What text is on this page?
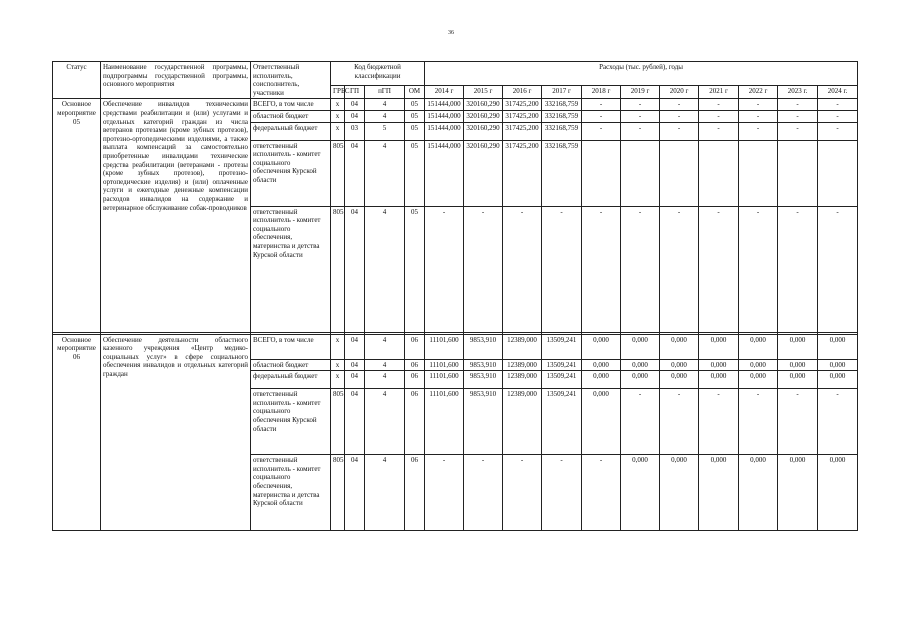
36
Статус	Наименование государственной программы, подпрограммы государственной программы, основного мероприятия	Ответственный исполнитель, соисполнитель, участники	Код бюджетной классификации				Расходы (тыс. рублей), годы										
			ГРБС	ГП	пГП	ОМ	2014 г	2015 г	2016 г	2017 г	2018 г	2019 г	2020 г	2021 г	2022 г	2023 г.	2024 г.
Основное мероприятие 05	Обеспечение инвалидов техническими средствами реабилитации и (или) услугами и отдельных категорий граждан из числа ветеранов протезами (кроме зубных протезов), протезно-ортопедическими изделиями, а также выплата компенсаций за самостоятельно приобретенные инвалидами технические средства реабилитации (ветеранами - протезы (кроме зубных протезов), протезно-ортопедические изделия) и (или) оплаченные услуги и ежегодные денежные компенсации расходов инвалидов на содержание и ветеринарное обслуживание собак-проводников	ВСЕГО, в том числе	x	04	4	05	151444,000	320160,290	317425,200	332168,759	-	-	-	-	-	-	-
		областной бюджет	x	04	4	05	151444,000	320160,290	317425,200	332168,759	-	-	-	-	-	-	-
		федеральный бюджет	x	03	5	05	151444,000	320160,290	317425,200	332168,759	-	-	-	-	-	-	-
		ответственный исполнитель - комитет социального обеспечения Курской области	805	04	4	05	151444,000	320160,290	317425,200	332168,759							
		ответственный исполнитель - комитет социального обеспечения, материнства и детства Курской области	805	04	4	05	-	-	-	-	-	-	-	-	-	-	-

Основное мероприятие 06	Обеспечение деятельности областного казенного учреждения «Центр медико-социальных услуг» в сфере социального обеспечения инвалидов и отдельных категорий граждан	ВСЕГО, в том числе	x	04	4	06	11101,600	9853,910	12389,000	13509,241	0,000	0,000	0,000	0,000	0,000	0,000	0,000
		областной бюджет	x	04	4	06	11101,600	9853,910	12389,000	13509,241	0,000	0,000	0,000	0,000	0,000	0,000	0,000
		федеральный бюджет	x	04	4	06	11101,600	9853,910	12389,000	13509,241	0,000	0,000	0,000	0,000	0,000	0,000	0,000
		ответственный исполнитель - комитет социального обеспечения Курской области	805	04	4	06	11101,600	9853,910	12389,000	13509,241	0,000	-	-	-	-	-	-
		ответственный исполнитель - комитет социального обеспечения, материнства и детства Курской области	805	04	4	06	-	-	-	-	-	0,000	0,000	0,000	0,000	0,000	0,000
